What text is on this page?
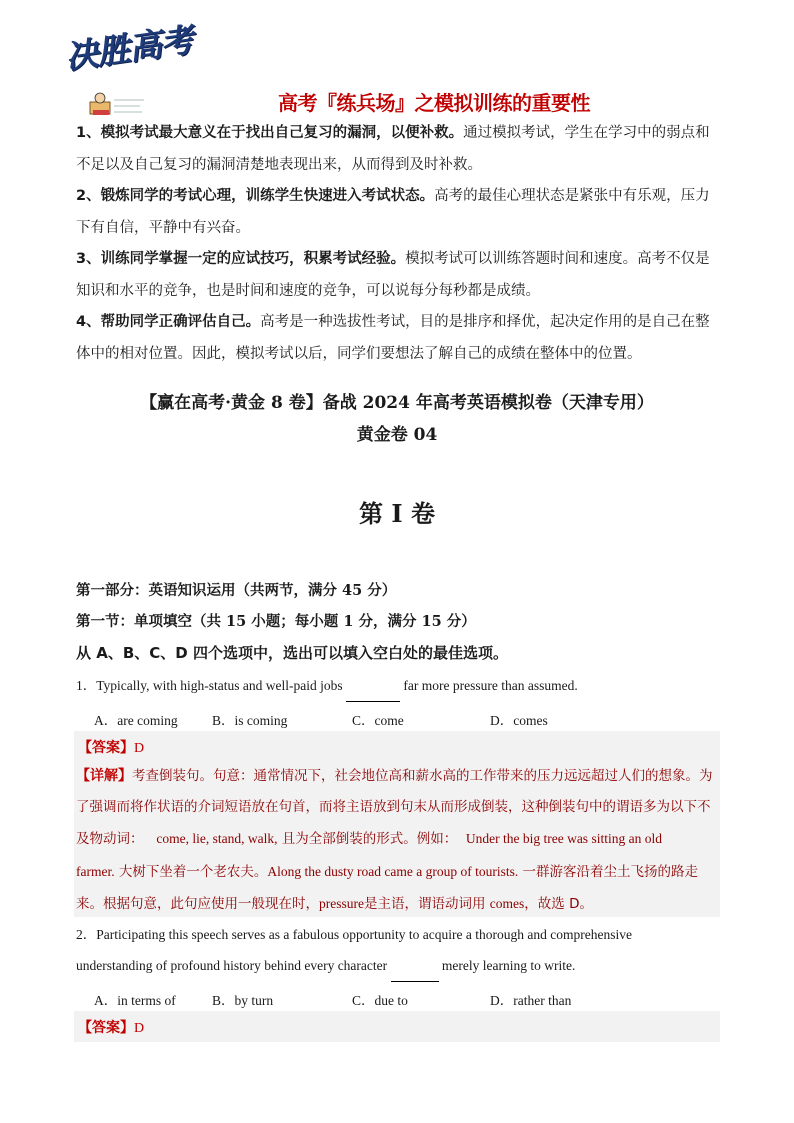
决胜高考
高考『练兵场』之模拟训练的重要性

1、模拟考试最大意义在于找出自己复习的漏洞，以便补救。通过模拟考试，学生在学习中的弱点和不足以及自己复习的漏洞清楚地表现出来，从而得到及时补救。

2、锻炼同学的考试心理，训练学生快速进入考试状态。高考的最佳心理状态是紧张中有乐观，压力下有自信，平静中有兴奋。

3、训练同学掌握一定的应试技巧，积累考试经验。模拟考试可以训练答题时间和速度。高考不仅是知识和水平的竞争，也是时间和速度的竞争，可以说每分每秒都是成绩。

4、帮助同学正确评估自己。高考是一种选拔性考试，目的是排序和择优，起决定作用的是自己在整体中的相对位置。因此，模拟考试以后，同学们要想法了解自己的成绩在整体中的位置。

【赢在高考·黄金 8 卷】备战 2024 年高考英语模拟卷（天津专用）
黄金卷 04
第 I 卷
第一部分：英语知识运用（共两节，满分 45 分）
第一节：单项填空（共 15 小题；每小题 1 分，满分 15 分）
从 A、B、C、D 四个选项中，选出可以填入空白处的最佳选项。
1．Typically, with high-status and well-paid jobs	far more pressure than assumed.
A．are coming	B．is coming	C．come	D．comes
【答案】D
【详解】考查倒装句。句意：通常情况下，社会地位高和薪水高的工作带来的压力远远超过人们的想象。为了强调而将作状语的介词短语放在句首，而将主语放到句末从而形成倒装，这种倒装句中的谓语多为以下不及物动词： come, lie, stand, walk, 且为全部倒装的形式。例如： Under the big tree was sitting an old farmer. 大树下坐着一个老农夫。Along the dusty road came a group of tourists. 一群游客沿着尘土飞扬的路走来。根据句意，此句应使用一般现在时，pressure是主语，谓语动词用 comes，故选 D。
2．Participating this speech serves as a fabulous opportunity to acquire a thorough and comprehensive
understanding of profound history behind every character	merely learning to write.
A．in terms of	B．by turn	C．due to	D．rather than
【答案】D
